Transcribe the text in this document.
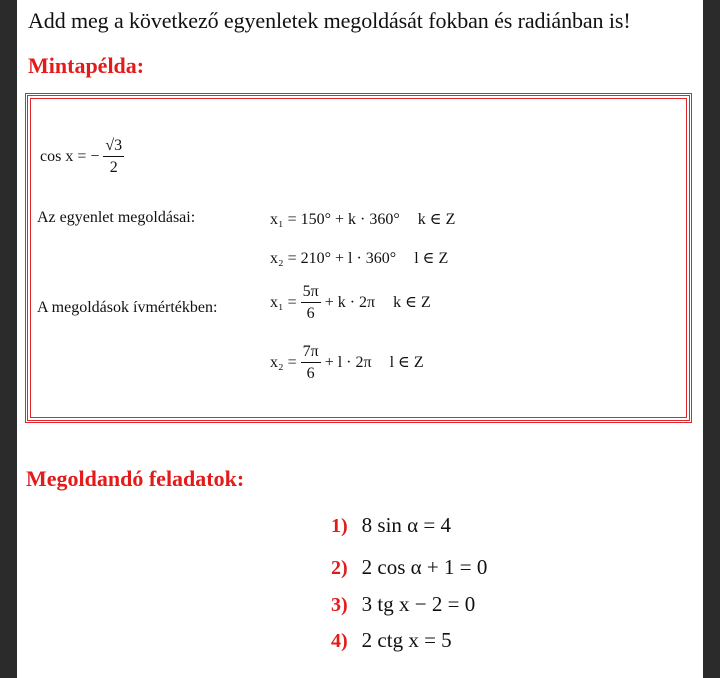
Add meg a következő egyenletek megoldását fokban és radiánban is!
Mintapélda:
cos x = − $\frac{√3}{2}$
Az egyenlet megoldásai:	x₁ = 150° + k · 360° k ∈ Z
x₂ = 210° + l · 360° l ∈ Z
A megoldások ívmértékben:	$x_1 = \frac{5\pi}{6} + k \cdot 2\pi$ k ∈ Z
$x_2 = \frac{7\pi}{6} + l \cdot 2\pi$ l ∈ Z
Megoldandó feladatok:
1) 8 sin α = 4
2) 2 cos α + 1 = 0
3) 3 tg x − 2 = 0
4) 2 ctg x = 5
